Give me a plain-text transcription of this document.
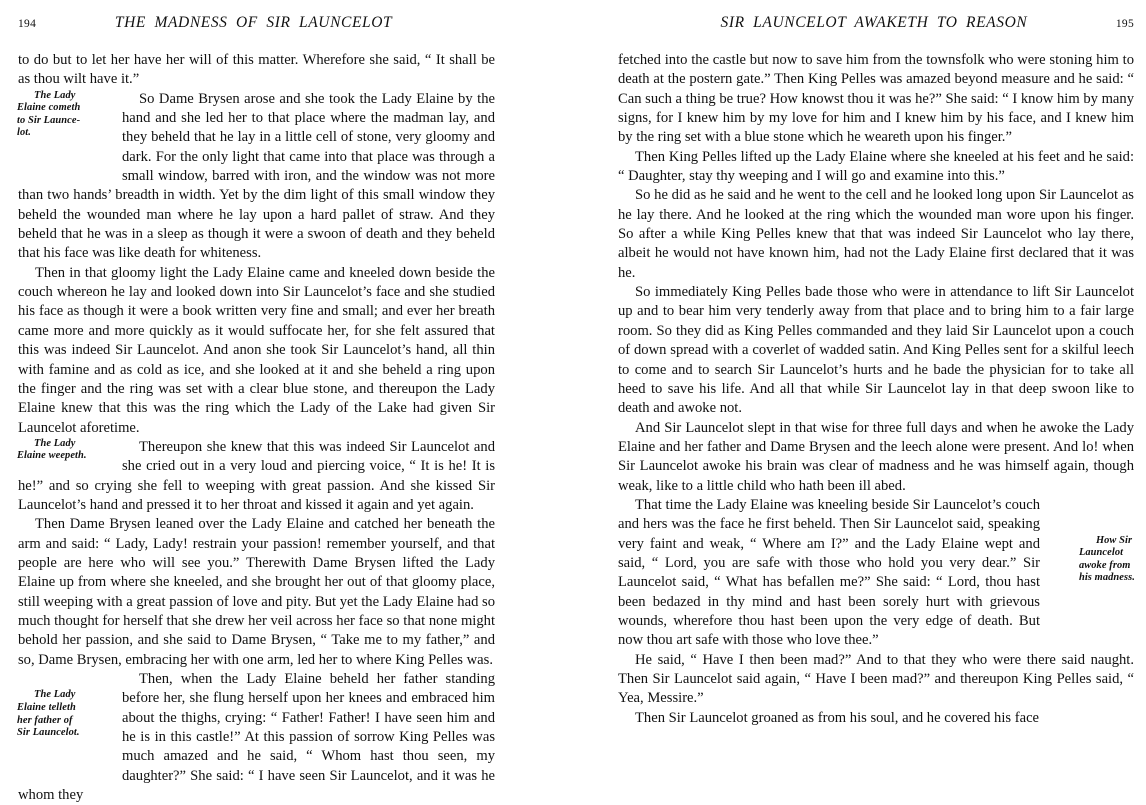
194	THE MADNESS OF SIR LAUNCELOT

to do but to let her have her will of this matter. Wherefore she said, “ It shall be as thou wilt have it.”

The Lady
Elaine cometh
to Sir Launce-
lot.
So Dame Brysen arose and she took the Lady Elaine by the hand and she led her to that place where the madman lay, and they beheld that he lay in a little cell of stone, very gloomy and dark. For the only light that came into that place was through a small window, barred with iron, and the window was not more than two hands’ breadth in width. Yet by the dim light of this small window they beheld the wounded man where he lay upon a hard pallet of straw. And they beheld that he was in a sleep as though it were a swoon of death and they beheld that his face was like death for whiteness.

Then in that gloomy light the Lady Elaine came and kneeled down beside the couch whereon he lay and looked down into Sir Launcelot’s face and she studied his face as though it were a book written very fine and small; and ever her breath came more and more quickly as it would suffocate her, for she felt assured that this was indeed Sir Launcelot. And anon she took Sir Launcelot’s hand, all thin with famine and as cold as ice, and she looked at it and she beheld a ring upon the finger and the ring was set with a clear blue stone, and thereupon the Lady Elaine knew that this was the ring which the Lady of the Lake had given Sir Launcelot aforetime.

The Lady
Elaine weepeth.
Thereupon she knew that this was indeed Sir Launcelot and she cried out in a very loud and piercing voice, “ It is he! It is he!” and so crying she fell to weeping with great passion. And she kissed Sir Launcelot’s hand and pressed it to her throat and kissed it again and yet again.

Then Dame Brysen leaned over the Lady Elaine and catched her beneath the arm and said: “ Lady, Lady! restrain your passion! remember yourself, and that people are here who will see you.” Therewith Dame Brysen lifted the Lady Elaine up from where she kneeled, and she brought her out of that gloomy place, still weeping with a great passion of love and pity. But yet the Lady Elaine had so much thought for herself that she drew her veil across her face so that none might behold her passion, and she said to Dame Brysen, “ Take me to my father,” and so, Dame Brysen, embracing her with one arm, led her to where King Pelles was.

The Lady
Elaine telleth
her father of
Sir Launcelot.
Then, when the Lady Elaine beheld her father standing before her, she flung herself upon her knees and embraced him about the thighs, crying: “ Father! Father! I have seen him and he is in this castle!” At this passion of sorrow King Pelles was much amazed and he said, “ Whom hast thou seen, my daughter?” She said: “ I have seen Sir Launcelot, and it was he whom they

SIR LAUNCELOT AWAKETH TO REASON	195

fetched into the castle but now to save him from the townsfolk who were stoning him to death at the postern gate.” Then King Pelles was amazed beyond measure and he said: “ Can such a thing be true? How knowst thou it was he?” She said: “ I know him by many signs, for I knew him by my love for him and I knew him by his face, and I knew him by the ring set with a blue stone which he weareth upon his finger.”

Then King Pelles lifted up the Lady Elaine where she kneeled at his feet and he said: “ Daughter, stay thy weeping and I will go and examine into this.”

So he did as he said and he went to the cell and he looked long upon Sir Launcelot as he lay there. And he looked at the ring which the wounded man wore upon his finger. So after a while King Pelles knew that that was indeed Sir Launcelot who lay there, albeit he would not have known him, had not the Lady Elaine first declared that it was he.

So immediately King Pelles bade those who were in attendance to lift Sir Launcelot up and to bear him very tenderly away from that place and to bring him to a fair large room. So they did as King Pelles commanded and they laid Sir Launcelot upon a couch of down spread with a coverlet of wadded satin. And King Pelles sent for a skilful leech to come and to search Sir Launcelot’s hurts and he bade the physician for to take all heed to save his life. And all that while Sir Launcelot lay in that deep swoon like to death and awoke not.

And Sir Launcelot slept in that wise for three full days and when he awoke the Lady Elaine and her father and Dame Brysen and the leech alone were present. And lo! when Sir Launcelot awoke his brain was clear of madness and he was himself again, though weak, like to a little child who hath been ill abed.

How Sir
Launcelot
awoke from
his madness.
That time the Lady Elaine was kneeling beside Sir Launcelot’s couch and hers was the face he first beheld. Then Sir Launcelot said, speaking very faint and weak, “ Where am I?” and the Lady Elaine wept and said, “ Lord, you are safe with those who hold you very dear.” Sir Launcelot said, “ What has befallen me?” She said: “ Lord, thou hast been bedazed in thy mind and hast been sorely hurt with grievous wounds, wherefore thou hast been upon the very edge of death. But now thou art safe with those who love thee.”

He said, “ Have I then been mad?” And to that they who were there said naught. Then Sir Launcelot said again, “ Have I been mad?” and thereupon King Pelles said, “ Yea, Messire.”

Then Sir Launcelot groaned as from his soul, and he covered his face
